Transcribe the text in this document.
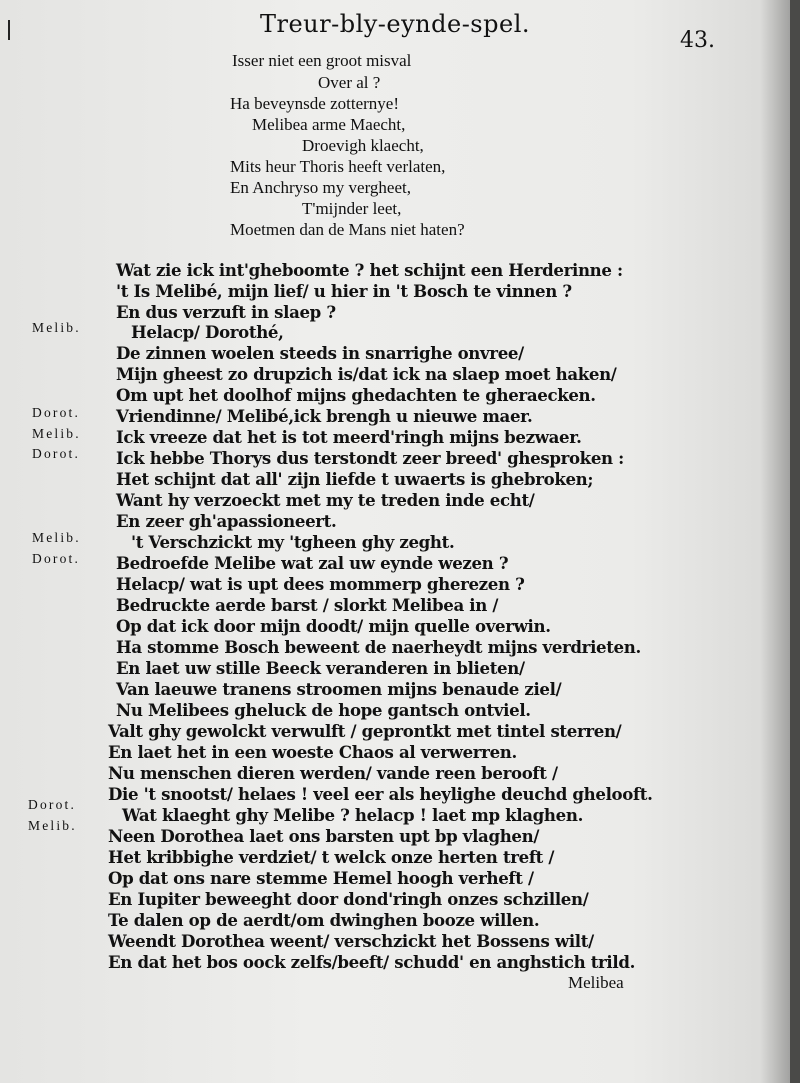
Treur-bly-eynde-spel.
43.
Isser niet een groot misval
Over al ?
Ha beveynsde zotternye!
Melibea arme Maecht,
Droevigh klaecht,
Mits heur Thoris heeft verlaten,
En Anchryso my vergheet,
T'mijnder leet,
Moetmen dan de Mans niet haten?
Melib.
Dorot.
Melib.
Dorot.
Melib.
Dorot.
Dorot.
Melib.
Wat zie ick int'gheboomte ? het schijnt een Herderinne :
't Is Melibé, mijn lief/ u hier in 't Bosch te vinnen ?
En dus verzuft in slaep ?
Helacp/ Dorothé,
De zinnen woelen steeds in snarrighe onvree/
Mijn gheest zo drupzich is/dat ick na slaep moet haken/
Om upt het doolhof mijns ghedachten te gheraecken.
Vriendinne/ Melibé,ick brengh u nieuwe maer.
Ick vreeze dat het is tot meerd'ringh mijns bezwaer.
Ick hebbe Thorys dus terstondt zeer breed' ghesproken :
Het schijnt dat all' zijn liefde t uwaerts is ghebroken;
Want hy verzoeckt met my te treden inde echt/
En zeer gh'apassioneert.
't Verschzickt my 'tgheen ghy zeght.
Bedroefde Melibe wat zal uw eynde wezen ?
Helacp/ wat is upt dees mommerp gherezen ?
Bedruckte aerde barst / slorkt Melibea in /
Op dat ick door mijn doodt/ mijn quelle overwin.
Ha stomme Bosch beweent de naerheydt mijns verdrieten.
En laet uw stille Beeck veranderen in blieten/
Van laeuwe tranens stroomen mijns benaude ziel/
Nu Melibees gheluck de hope gantsch ontviel.
Valt ghy gewolckt verwulft / geprontkt met tintel sterren/
En laet het in een woeste Chaos al verwerren.
Nu menschen dieren werden/ vande reen berooft /
Die 't snootst/ helaes ! veel eer als heylighe deuchd ghelooft.
Wat klaeght ghy Melibe ? helacp ! laet mp klaghen.
Neen Dorothea laet ons barsten upt bp vlaghen/
Het kribbighe verdziet/ t welck onze herten treft /
Op dat ons nare stemme Hemel hoogh verheft /
En Iupiter beweeght door dond'ringh onzes schzillen/
Te dalen op de aerdt/om dwinghen booze willen.
Weendt Dorothea weent/ verschzickt het Bossens wilt/
En dat het bos oock zelfs/beeft/ schudd' en anghstich trild.
Melibea
